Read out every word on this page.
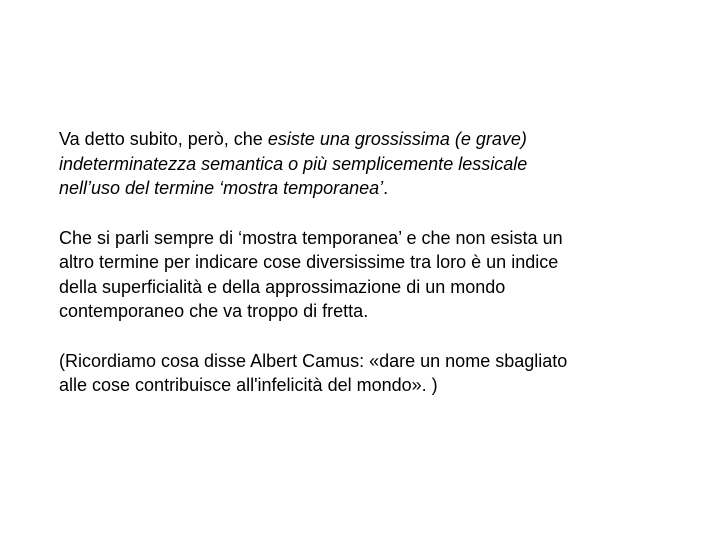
Va detto subito, però, che esiste una grossissima (e grave)
indeterminatezza semantica o più semplicemente lessicale
nell’uso del termine ‘mostra temporanea’.

Che si parli sempre di ‘mostra temporanea’ e che non esista un
altro termine per indicare cose diversissime tra loro è un indice
della superficialità e della approssimazione di un mondo
contemporaneo che va troppo di fretta.

(Ricordiamo cosa disse Albert Camus: «dare un nome sbagliato
alle cose contribuisce all'infelicità del mondo». )
